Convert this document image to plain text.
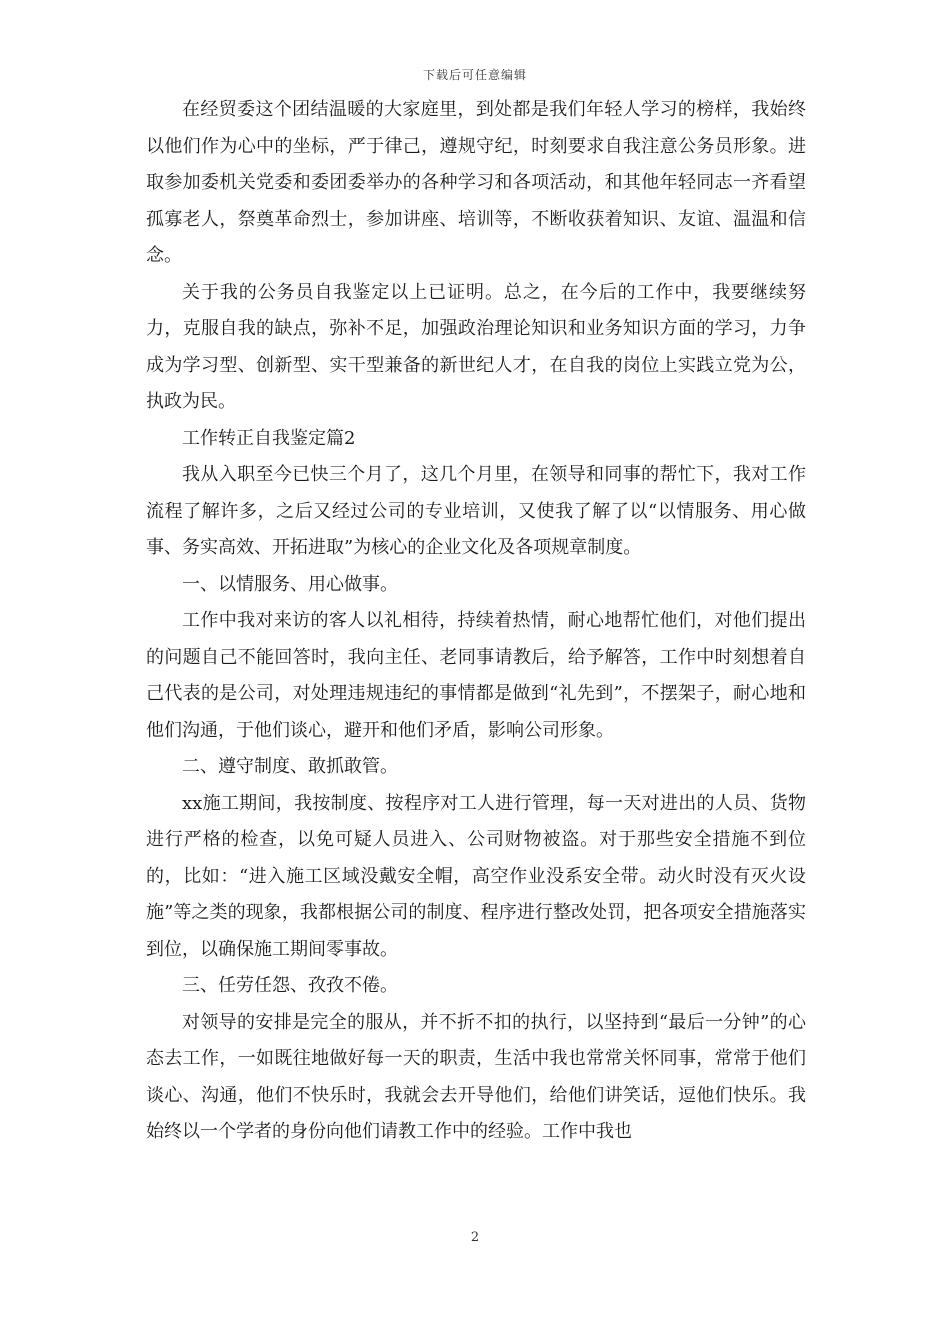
下载后可任意编辑

在经贸委这个团结温暖的大家庭里，到处都是我们年轻人学习的榜样，我始终以他们作为心中的坐标，严于律己，遵规守纪，时刻要求自我注意公务员形象。进取参加委机关党委和委团委举办的各种学习和各项活动，和其他年轻同志一齐看望孤寡老人，祭奠革命烈士，参加讲座、培训等，不断收获着知识、友谊、温温和信念。

关于我的公务员自我鉴定以上已证明。总之，在今后的工作中，我要继续努力，克服自我的缺点，弥补不足，加强政治理论知识和业务知识方面的学习，力争成为学习型、创新型、实干型兼备的新世纪人才，在自我的岗位上实践立党为公，执政为民。

工作转正自我鉴定篇2

我从入职至今已快三个月了，这几个月里，在领导和同事的帮忙下，我对工作流程了解许多，之后又经过公司的专业培训，又使我了解了以“以情服务、用心做事、务实高效、开拓进取”为核心的企业文化及各项规章制度。

一、以情服务、用心做事。

工作中我对来访的客人以礼相待，持续着热情，耐心地帮忙他们，对他们提出的问题自己不能回答时，我向主任、老同事请教后，给予解答，工作中时刻想着自己代表的是公司，对处理违规违纪的事情都是做到“礼先到”，不摆架子，耐心地和他们沟通，于他们谈心，避开和他们矛盾，影响公司形象。

二、遵守制度、敢抓敢管。

xx施工期间，我按制度、按程序对工人进行管理，每一天对进出的人员、货物进行严格的检查，以免可疑人员进入、公司财物被盗。对于那些安全措施不到位的，比如：“进入施工区域没戴安全帽，高空作业没系安全带。动火时没有灭火设施”等之类的现象，我都根据公司的制度、程序进行整改处罚，把各项安全措施落实到位，以确保施工期间零事故。

三、任劳任怨、孜孜不倦。

对领导的安排是完全的服从，并不折不扣的执行，以坚持到“最后一分钟”的心态去工作，一如既往地做好每一天的职责，生活中我也常常关怀同事，常常于他们谈心、沟通，他们不快乐时，我就会去开导他们，给他们讲笑话，逗他们快乐。我始终以一个学者的身份向他们请教工作中的经验。工作中我也

2
